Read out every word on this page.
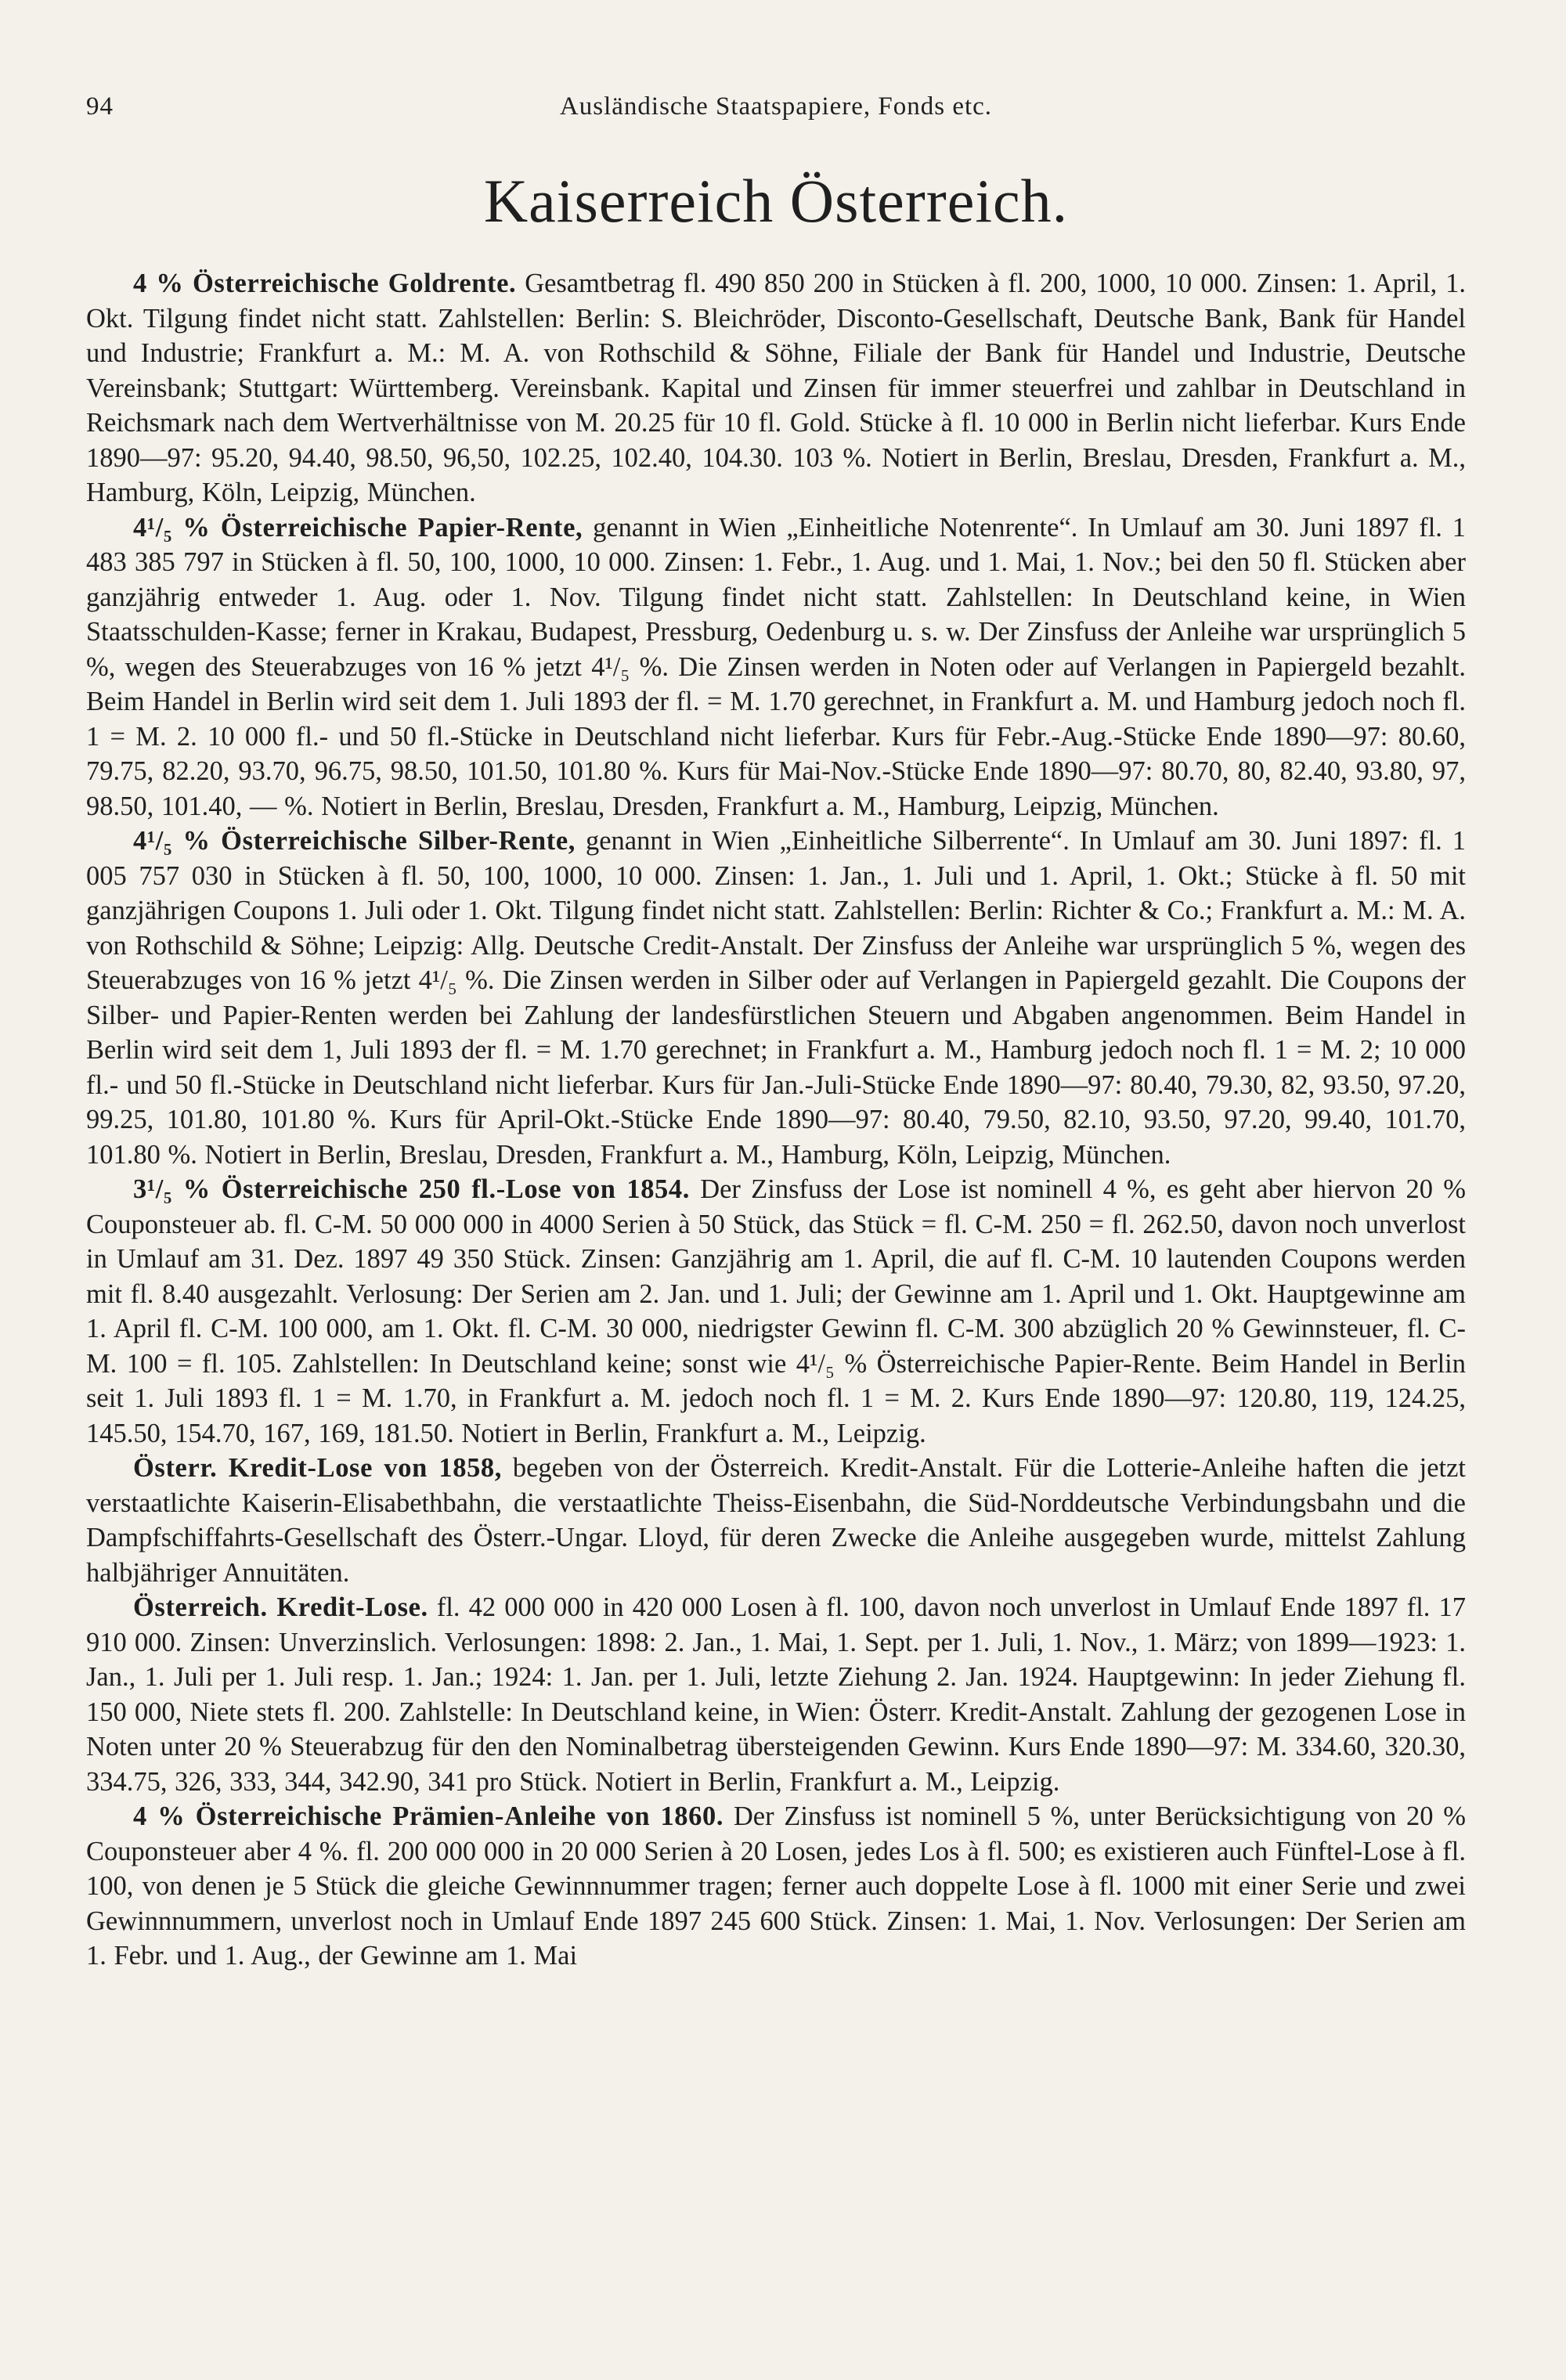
94	Ausländische Staatspapiere, Fonds etc.
Kaiserreich Österreich.

4 % Österreichische Goldrente. Gesamtbetrag fl. 490 850 200 in Stücken à fl. 200, 1000, 10 000. Zinsen: 1. April, 1. Okt. Tilgung findet nicht statt. Zahlstellen: Berlin: S. Bleichröder, Disconto-Gesellschaft, Deutsche Bank, Bank für Handel und Industrie; Frankfurt a. M.: M. A. von Rothschild & Söhne, Filiale der Bank für Handel und Industrie, Deutsche Vereinsbank; Stuttgart: Württemberg. Vereinsbank. Kapital und Zinsen für immer steuerfrei und zahlbar in Deutschland in Reichsmark nach dem Wertverhältnisse von M. 20.25 für 10 fl. Gold. Stücke à fl. 10 000 in Berlin nicht lieferbar. Kurs Ende 1890—97: 95.20, 94.40, 98.50, 96,50, 102.25, 102.40, 104.30. 103 %. Notiert in Berlin, Breslau, Dresden, Frankfurt a. M., Hamburg, Köln, Leipzig, München.

4¹/₅ % Österreichische Papier-Rente, genannt in Wien „Einheitliche Notenrente“. In Umlauf am 30. Juni 1897 fl. 1 483 385 797 in Stücken à fl. 50, 100, 1000, 10 000. Zinsen: 1. Febr., 1. Aug. und 1. Mai, 1. Nov.; bei den 50 fl. Stücken aber ganzjährig entweder 1. Aug. oder 1. Nov. Tilgung findet nicht statt. Zahlstellen: In Deutschland keine, in Wien Staatsschulden-Kasse; ferner in Krakau, Budapest, Pressburg, Oedenburg u. s. w. Der Zinsfuss der Anleihe war ursprünglich 5 %, wegen des Steuerabzuges von 16 % jetzt 4¹/₅ %. Die Zinsen werden in Noten oder auf Verlangen in Papiergeld bezahlt. Beim Handel in Berlin wird seit dem 1. Juli 1893 der fl. = M. 1.70 gerechnet, in Frankfurt a. M. und Hamburg jedoch noch fl. 1 = M. 2. 10 000 fl.- und 50 fl.-Stücke in Deutschland nicht lieferbar. Kurs für Febr.-Aug.-Stücke Ende 1890—97: 80.60, 79.75, 82.20, 93.70, 96.75, 98.50, 101.50, 101.80 %. Kurs für Mai-Nov.-Stücke Ende 1890—97: 80.70, 80, 82.40, 93.80, 97, 98.50, 101.40, — %. Notiert in Berlin, Breslau, Dresden, Frankfurt a. M., Hamburg, Leipzig, München.

4¹/₅ % Österreichische Silber-Rente, genannt in Wien „Einheitliche Silberrente“. In Umlauf am 30. Juni 1897: fl. 1 005 757 030 in Stücken à fl. 50, 100, 1000, 10 000. Zinsen: 1. Jan., 1. Juli und 1. April, 1. Okt.; Stücke à fl. 50 mit ganzjährigen Coupons 1. Juli oder 1. Okt. Tilgung findet nicht statt. Zahlstellen: Berlin: Richter & Co.; Frankfurt a. M.: M. A. von Rothschild & Söhne; Leipzig: Allg. Deutsche Credit-Anstalt. Der Zinsfuss der Anleihe war ursprünglich 5 %, wegen des Steuerabzuges von 16 % jetzt 4¹/₅ %. Die Zinsen werden in Silber oder auf Verlangen in Papiergeld gezahlt. Die Coupons der Silber- und Papier-Renten werden bei Zahlung der landesfürstlichen Steuern und Abgaben angenommen. Beim Handel in Berlin wird seit dem 1, Juli 1893 der fl. = M. 1.70 gerechnet; in Frankfurt a. M., Hamburg jedoch noch fl. 1 = M. 2; 10 000 fl.- und 50 fl.-Stücke in Deutschland nicht lieferbar. Kurs für Jan.-Juli-Stücke Ende 1890—97: 80.40, 79.30, 82, 93.50, 97.20, 99.25, 101.80, 101.80 %. Kurs für April-Okt.-Stücke Ende 1890—97: 80.40, 79.50, 82.10, 93.50, 97.20, 99.40, 101.70, 101.80 %. Notiert in Berlin, Breslau, Dresden, Frankfurt a. M., Hamburg, Köln, Leipzig, München.

3¹/₅ % Österreichische 250 fl.-Lose von 1854. Der Zinsfuss der Lose ist nominell 4 %, es geht aber hiervon 20 % Couponsteuer ab. fl. C-M. 50 000 000 in 4000 Serien à 50 Stück, das Stück = fl. C-M. 250 = fl. 262.50, davon noch unverlost in Umlauf am 31. Dez. 1897 49 350 Stück. Zinsen: Ganzjährig am 1. April, die auf fl. C-M. 10 lautenden Coupons werden mit fl. 8.40 ausgezahlt. Verlosung: Der Serien am 2. Jan. und 1. Juli; der Gewinne am 1. April und 1. Okt. Hauptgewinne am 1. April fl. C-M. 100 000, am 1. Okt. fl. C-M. 30 000, niedrigster Gewinn fl. C-M. 300 abzüglich 20 % Gewinnsteuer, fl. C-M. 100 = fl. 105. Zahlstellen: In Deutschland keine; sonst wie 4¹/₅ % Österreichische Papier-Rente. Beim Handel in Berlin seit 1. Juli 1893 fl. 1 = M. 1.70, in Frankfurt a. M. jedoch noch fl. 1 = M. 2. Kurs Ende 1890—97: 120.80, 119, 124.25, 145.50, 154.70, 167, 169, 181.50. Notiert in Berlin, Frankfurt a. M., Leipzig.

Österr. Kredit-Lose von 1858, begeben von der Österreich. Kredit-Anstalt. Für die Lotterie-Anleihe haften die jetzt verstaatlichte Kaiserin-Elisabethbahn, die verstaatlichte Theiss-Eisenbahn, die Süd-Norddeutsche Verbindungsbahn und die Dampfschiffahrts-Gesellschaft des Österr.-Ungar. Lloyd, für deren Zwecke die Anleihe ausgegeben wurde, mittelst Zahlung halbjähriger Annuitäten.

Österreich. Kredit-Lose. fl. 42 000 000 in 420 000 Losen à fl. 100, davon noch unverlost in Umlauf Ende 1897 fl. 17 910 000. Zinsen: Unverzinslich. Verlosungen: 1898: 2. Jan., 1. Mai, 1. Sept. per 1. Juli, 1. Nov., 1. März; von 1899—1923: 1. Jan., 1. Juli per 1. Juli resp. 1. Jan.; 1924: 1. Jan. per 1. Juli, letzte Ziehung 2. Jan. 1924. Hauptgewinn: In jeder Ziehung fl. 150 000, Niete stets fl. 200. Zahlstelle: In Deutschland keine, in Wien: Österr. Kredit-Anstalt. Zahlung der gezogenen Lose in Noten unter 20 % Steuerabzug für den den Nominalbetrag übersteigenden Gewinn. Kurs Ende 1890—97: M. 334.60, 320.30, 334.75, 326, 333, 344, 342.90, 341 pro Stück. Notiert in Berlin, Frankfurt a. M., Leipzig.

4 % Österreichische Prämien-Anleihe von 1860. Der Zinsfuss ist nominell 5 %, unter Berücksichtigung von 20 % Couponsteuer aber 4 %. fl. 200 000 000 in 20 000 Serien à 20 Losen, jedes Los à fl. 500; es existieren auch Fünftel-Lose à fl. 100, von denen je 5 Stück die gleiche Gewinnnummer tragen; ferner auch doppelte Lose à fl. 1000 mit einer Serie und zwei Gewinnnummern, unverlost noch in Umlauf Ende 1897 245 600 Stück. Zinsen: 1. Mai, 1. Nov. Verlosungen: Der Serien am 1. Febr. und 1. Aug., der Gewinne am 1. Mai
